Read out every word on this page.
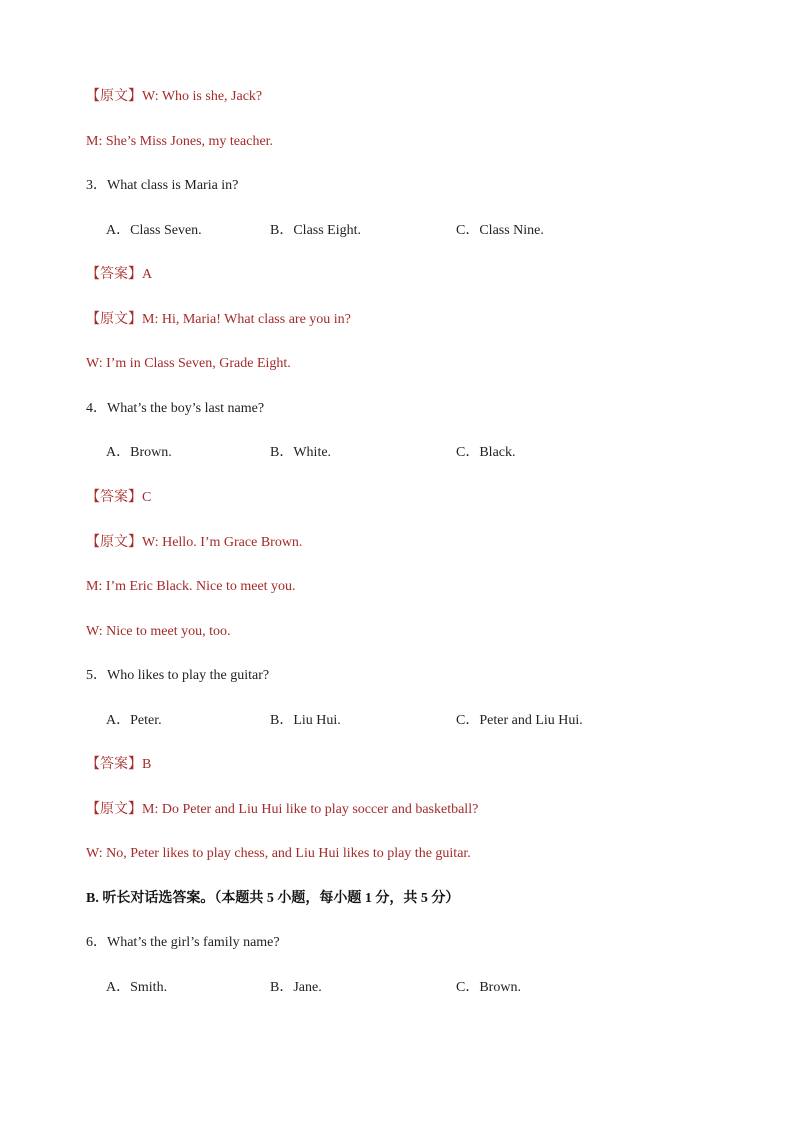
【原文】W: Who is she, Jack?
M: She’s Miss Jones, my teacher.
3．What class is Maria in?
A．Class Seven.	B．Class Eight.	C．Class Nine.
【答案】A
【原文】M: Hi, Maria! What class are you in?
W: I’m in Class Seven, Grade Eight.
4．What’s the boy’s last name?
A．Brown.	B．White.	C．Black.
【答案】C
【原文】W: Hello. I’m Grace Brown.
M: I’m Eric Black. Nice to meet you.
W: Nice to meet you, too.
5．Who likes to play the guitar?
A．Peter.	B．Liu Hui.	C．Peter and Liu Hui.
【答案】B
【原文】M: Do Peter and Liu Hui like to play soccer and basketball?
W: No, Peter likes to play chess, and Liu Hui likes to play the guitar.
B. 听长对话选答案。（本题共 5 小题，每小题 1 分，共 5 分）
6．What’s the girl’s family name?
A．Smith.	B．Jane.	C．Brown.
